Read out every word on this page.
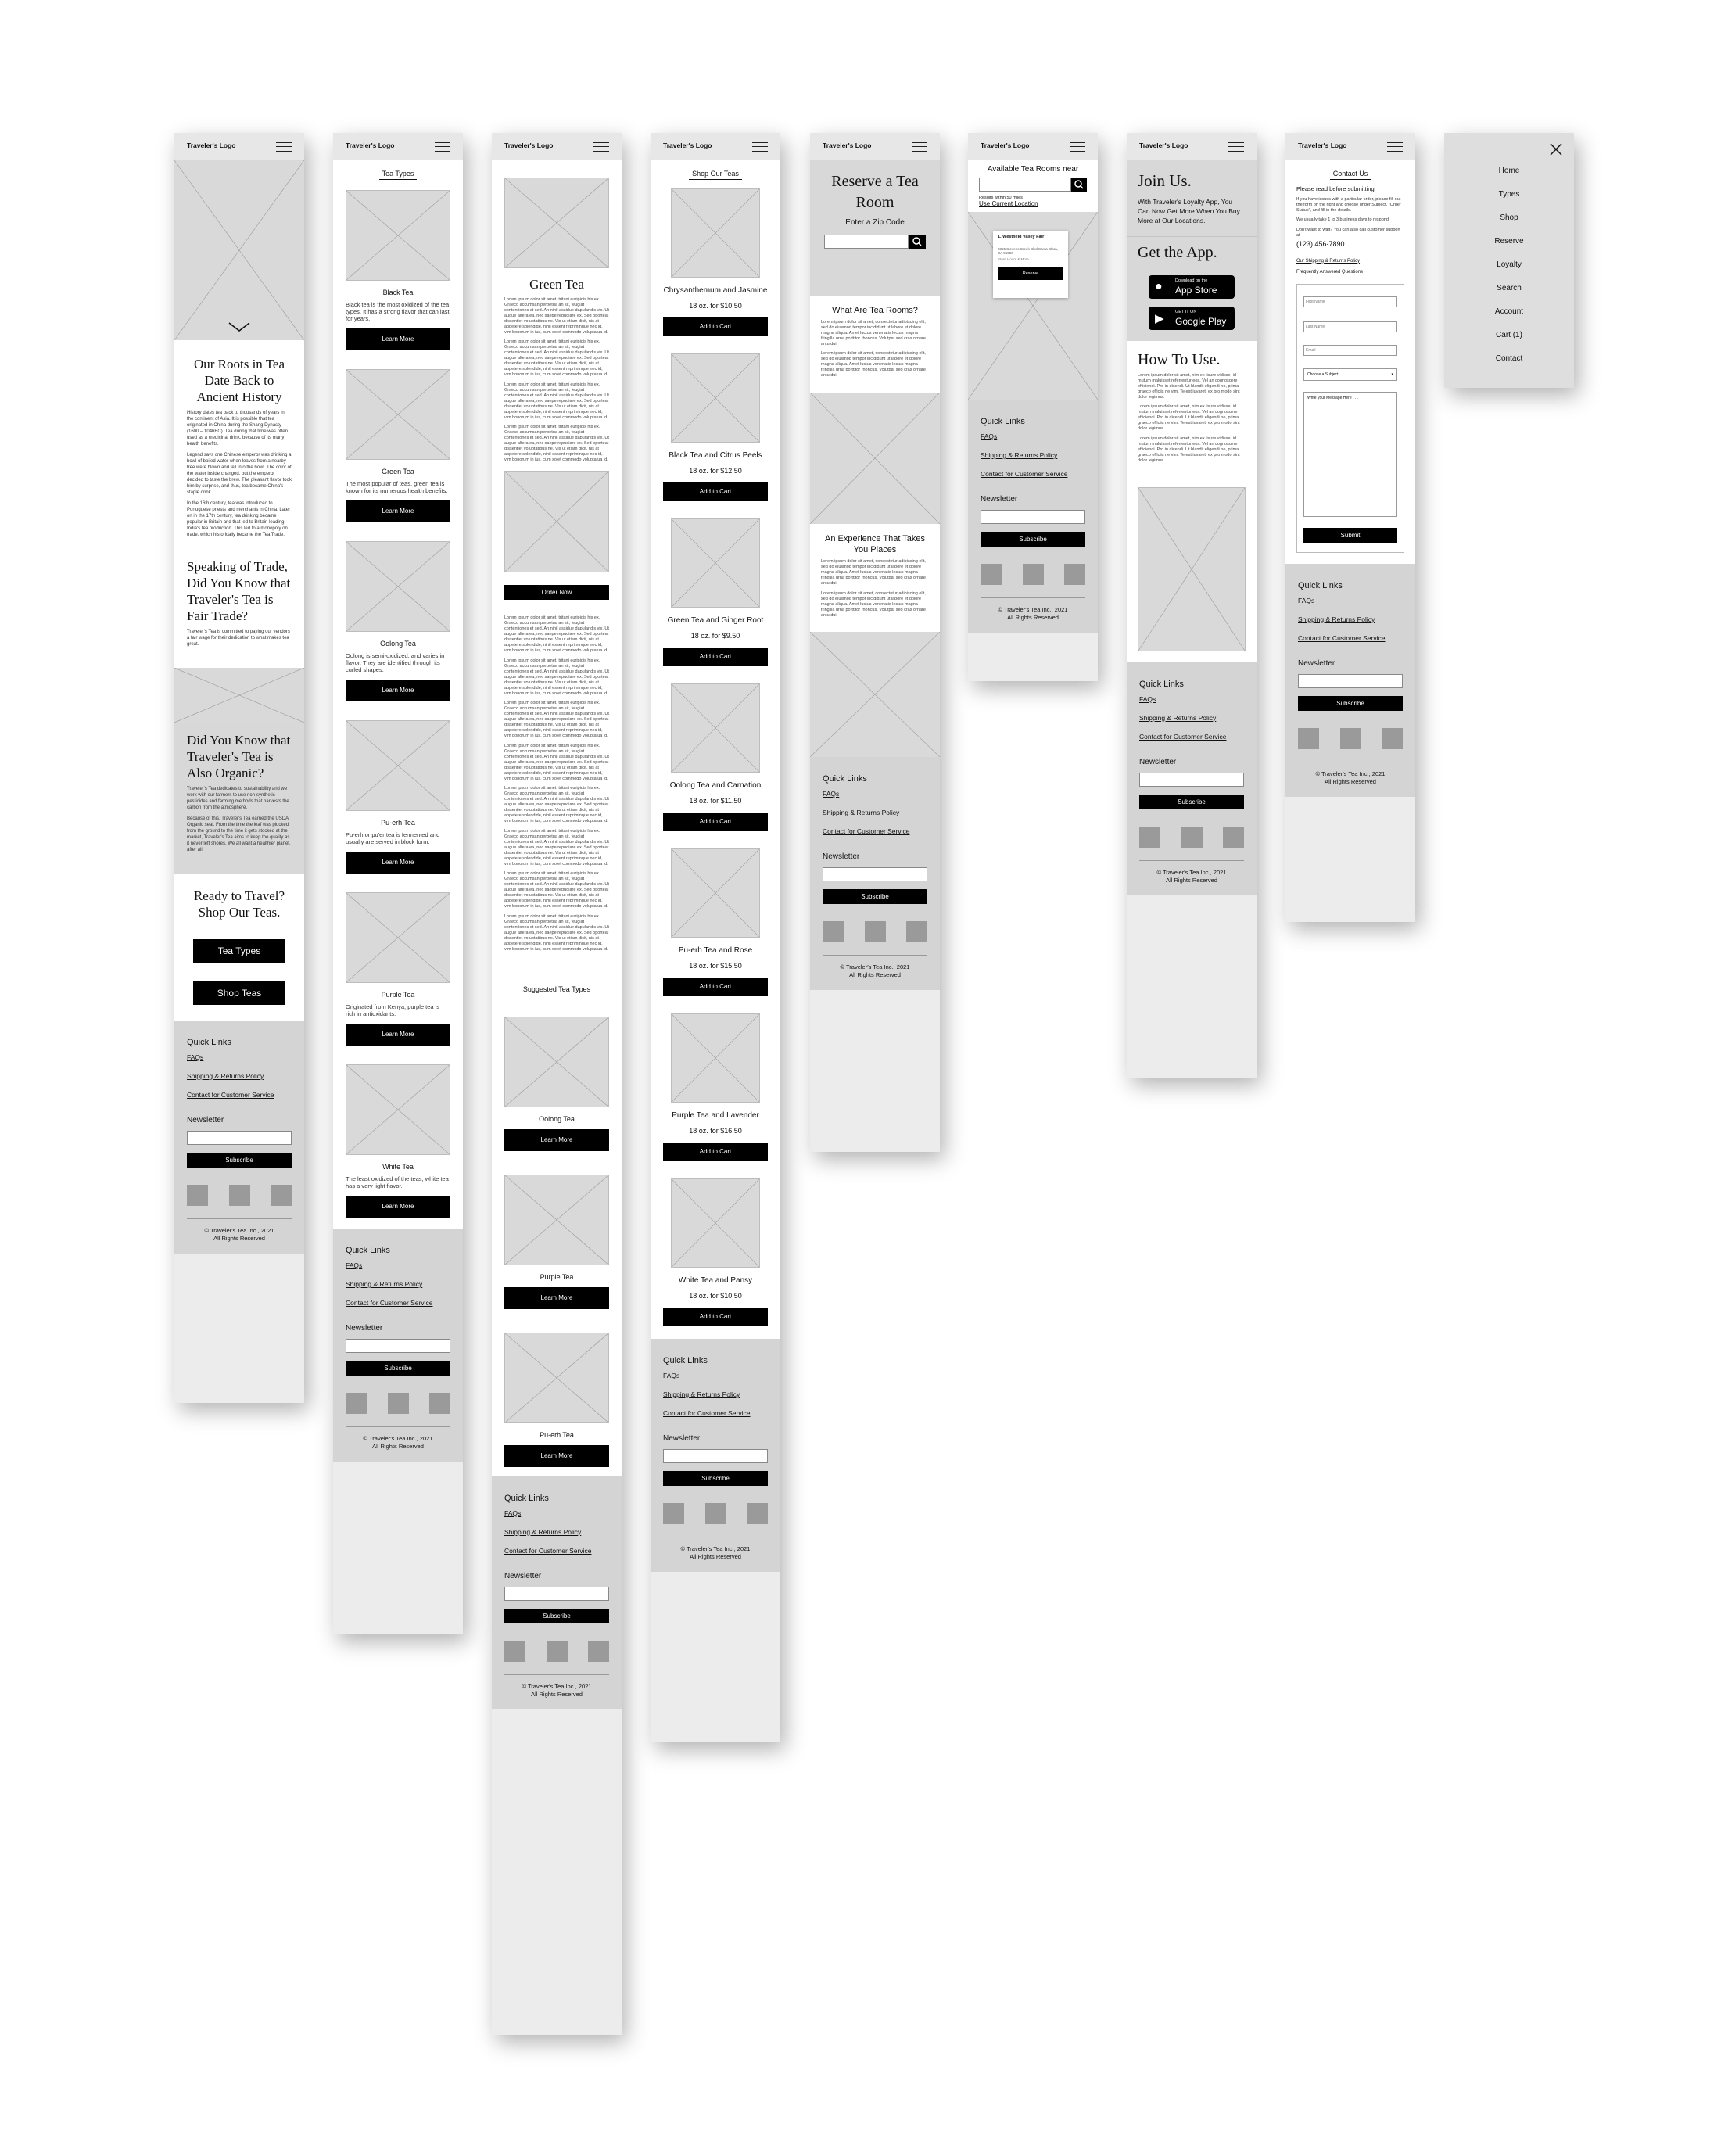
Traveler's Logo
Our Roots in Tea Date Back to Ancient History

History dates tea back to thousands of years in the continent of Asia. It is possible that tea originated in China during the Shang Dynasty (1600 – 1046BC). Tea during that time was often used as a medicinal drink, because of its many health benefits.

Legend says one Chinese emperor was drinking a bowl of boiled water when leaves from a nearby tree were blown and fell into the bowl. The color of the water inside changed, but the emperor decided to taste the brew. The pleasant flavor took him by surprise, and thus, tea became China's staple drink.

In the 16th century, tea was introduced to Portuguese priests and merchants in China. Later on in the 17th century, tea drinking became popular in Britain and that led to Britain leading India's tea production. This led to a monopoly on trade, which historically became the Tea Trade.

Speaking of Trade, Did You Know that Traveler's Tea is Fair Trade?

Traveler's Tea is committed to paying our vendors a fair wage for their dedication to what makes tea great.

Did You Know that Traveler's Tea is Also Organic?

Traveler's Tea dedicates to sustainability and we work with our farmers to use non-synthetic pesticides and farming methods that harvests the carbon from the atmosphere.

Because of this, Traveler's Tea earned the USDA Organic seal. From the time the leaf was plucked from the ground to the time it gets stocked at the market, Traveler's Tea aims to keep the quality as it never left shores. We all want a healthier planet, after all.

Ready to Travel? Shop Our Teas.
Tea Types
Shop Teas
Quick Links
FAQs
Shipping & Returns Policy
Contact for Customer Service
Newsletter
Subscribe
© Traveler's Tea Inc., 2021
All Rights Reserved
Traveler's Logo
Tea Types
Black Tea
Black tea is the most oxidized of the tea types. It has a strong flavor that can last for years.
Learn More
Green Tea
The most popular of teas, green tea is known for its numerous health benefits.
Learn More
Oolong Tea
Oolong is semi-oxidized, and varies in flavor. They are identified through its curled shapes.
Learn More
Pu-erh Tea
Pu-erh or pu'er tea is fermented and usually are served in block form.
Learn More
Purple Tea
Originated from Kenya, purple tea is rich in antioxidants.
Learn More
White Tea
The least oxidized of the teas, white tea has a very light flavor.
Learn More
Quick Links
FAQs
Shipping & Returns Policy
Contact for Customer Service
Newsletter
Subscribe
© Traveler's Tea Inc., 2021
All Rights Reserved
Traveler's Logo
Green Tea

Lorem ipsum dolor sit amet, tritani euripidis his ex. Graeco accumsan perpetua an sit, feugiat contentiones et sed. An nihil assidue dapulandis vix. Ut augue altera ea, nec saepe repudiare ex. Sed oporteat dissentiet voluptatibus ne. Vis ut etiam dicit, nis at appetere splendide, nihil essent repriminque nec id, vim bonorum in ius, cum solet commodo voluptatua id.

Lorem ipsum dolor sit amet, tritani euripidis his ex. Graeco accumsan perpetua an sit, feugiat contentiones et sed. An nihil assidue dapulandis vix. Ut augue altera ea, nec saepe repudiare ex. Sed oporteat dissentiet voluptatibus ne. Vis ut etiam dicit, nis at appetere splendide, nihil essent repriminque nec id, vim bonorum in ius, cum solet commodo voluptatua id.

Lorem ipsum dolor sit amet, tritani euripidis his ex. Graeco accumsan perpetua an sit, feugiat contentiones et sed. An nihil assidue dapulandis vix. Ut augue altera ea, nec saepe repudiare ex. Sed oporteat dissentiet voluptatibus ne. Vis ut etiam dicit, nis at appetere splendide, nihil essent repriminque nec id, vim bonorum in ius, cum solet commodo voluptatua id.

Lorem ipsum dolor sit amet, tritani euripidis his ex. Graeco accumsan perpetua an sit, feugiat contentiones et sed. An nihil assidue dapulandis vix. Ut augue altera ea, nec saepe repudiare ex. Sed oporteat dissentiet voluptatibus ne. Vis ut etiam dicit, nis at appetere splendide, nihil essent repriminque nec id, vim bonorum in ius, cum solet commodo voluptatua id.

Order Now

Lorem ipsum dolor sit amet, tritani euripidis his ex. Graeco accumsan perpetua an sit, feugiat contentiones et sed. An nihil assidue dapulandis vix. Ut augue altera ea, nec saepe repudiare ex. Sed oporteat dissentiet voluptatibus ne. Vis ut etiam dicit, nis at appetere splendide, nihil essent repriminque nec id, vim bonorum in ius, cum solet commodo voluptatua id.

Lorem ipsum dolor sit amet, tritani euripidis his ex. Graeco accumsan perpetua an sit, feugiat contentiones et sed. An nihil assidue dapulandis vix. Ut augue altera ea, nec saepe repudiare ex. Sed oporteat dissentiet voluptatibus ne. Vis ut etiam dicit, nis at appetere splendide, nihil essent repriminque nec id, vim bonorum in ius, cum solet commodo voluptatua id.

Lorem ipsum dolor sit amet, tritani euripidis his ex. Graeco accumsan perpetua an sit, feugiat contentiones et sed. An nihil assidue dapulandis vix. Ut augue altera ea, nec saepe repudiare ex. Sed oporteat dissentiet voluptatibus ne. Vis ut etiam dicit, nis at appetere splendide, nihil essent repriminque nec id, vim bonorum in ius, cum solet commodo voluptatua id.

Lorem ipsum dolor sit amet, tritani euripidis his ex. Graeco accumsan perpetua an sit, feugiat contentiones et sed. An nihil assidue dapulandis vix. Ut augue altera ea, nec saepe repudiare ex. Sed oporteat dissentiet voluptatibus ne. Vis ut etiam dicit, nis at appetere splendide, nihil essent repriminque nec id, vim bonorum in ius, cum solet commodo voluptatua id.

Lorem ipsum dolor sit amet, tritani euripidis his ex. Graeco accumsan perpetua an sit, feugiat contentiones et sed. An nihil assidue dapulandis vix. Ut augue altera ea, nec saepe repudiare ex. Sed oporteat dissentiet voluptatibus ne. Vis ut etiam dicit, nis at appetere splendide, nihil essent repriminque nec id, vim bonorum in ius, cum solet commodo voluptatua id.

Lorem ipsum dolor sit amet, tritani euripidis his ex. Graeco accumsan perpetua an sit, feugiat contentiones et sed. An nihil assidue dapulandis vix. Ut augue altera ea, nec saepe repudiare ex. Sed oporteat dissentiet voluptatibus ne. Vis ut etiam dicit, nis at appetere splendide, nihil essent repriminque nec id, vim bonorum in ius, cum solet commodo voluptatua id.

Lorem ipsum dolor sit amet, tritani euripidis his ex. Graeco accumsan perpetua an sit, feugiat contentiones et sed. An nihil assidue dapulandis vix. Ut augue altera ea, nec saepe repudiare ex. Sed oporteat dissentiet voluptatibus ne. Vis ut etiam dicit, nis at appetere splendide, nihil essent repriminque nec id, vim bonorum in ius, cum solet commodo voluptatua id.

Lorem ipsum dolor sit amet, tritani euripidis his ex. Graeco accumsan perpetua an sit, feugiat contentiones et sed. An nihil assidue dapulandis vix. Ut augue altera ea, nec saepe repudiare ex. Sed oporteat dissentiet voluptatibus ne. Vis ut etiam dicit, nis at appetere splendide, nihil essent repriminque nec id, vim bonorum in ius, cum solet commodo voluptatua id.

Suggested Tea Types
Oolong Tea
Learn More
Purple Tea
Learn More
Pu-erh Tea
Learn More
Quick Links
FAQs
Shipping & Returns Policy
Contact for Customer Service
Newsletter
Subscribe
© Traveler's Tea Inc., 2021
All Rights Reserved
Traveler's Logo
Shop Our Teas
Chrysanthemum and Jasmine
18 oz. for $10.50
Add to Cart
Black Tea and Citrus Peels
18 oz. for $12.50
Add to Cart
Green Tea and Ginger Root
18 oz. for $9.50
Add to Cart
Oolong Tea and Carnation
18 oz. for $11.50
Add to Cart
Pu-erh Tea and Rose
18 oz. for $15.50
Add to Cart
Purple Tea and Lavender
18 oz. for $16.50
Add to Cart
White Tea and Pansy
18 oz. for $10.50
Add to Cart
Quick Links
FAQs
Shipping & Returns Policy
Contact for Customer Service
Newsletter
Subscribe
© Traveler's Tea Inc., 2021
All Rights Reserved
Traveler's Logo
Reserve a Tea Room
Enter a Zip Code
What Are Tea Rooms?

Lorem ipsum dolor sit amet, consectetur adipiscing elit, sed do eiusmod tempor incididunt ut labore et dolore magna aliqua. Amet luctus venenatis lectus magna fringilla urna porttitor rhoncus. Volutpat sed cras ornare arcu dui.

Lorem ipsum dolor sit amet, consectetur adipiscing elit, sed do eiusmod tempor incididunt ut labore et dolore magna aliqua. Amet luctus venenatis lectus magna fringilla urna porttitor rhoncus. Volutpat sed cras ornare arcu dui.

An Experience That Takes You Places

Lorem ipsum dolor sit amet, consectetur adipiscing elit, sed do eiusmod tempor incididunt ut labore et dolore magna aliqua. Amet luctus venenatis lectus magna fringilla urna porttitor rhoncus. Volutpat sed cras ornare arcu dui.

Lorem ipsum dolor sit amet, consectetur adipiscing elit, sed do eiusmod tempor incididunt ut labore et dolore magna aliqua. Amet luctus venenatis lectus magna fringilla urna porttitor rhoncus. Volutpat sed cras ornare arcu dui.

Quick Links
FAQs
Shipping & Returns Policy
Contact for Customer Service
Newsletter
Subscribe
© Traveler's Tea Inc., 2021
All Rights Reserved
Traveler's Logo
Available Tea Rooms near
Results within 50 miles
Use Current Location
1. Westfield Valley Fair
2855 Stevens Creek Blvd Santa Clara, CA 95050
Store Hours & More
Reserve
Quick Links
FAQs
Shipping & Returns Policy
Contact for Customer Service
Newsletter
Subscribe
© Traveler's Tea Inc., 2021
All Rights Reserved
Traveler's Logo
Join Us.
With Traveler's Loyalty App, You Can Now Get More When You Buy More at Our Locations.
Get the App.
●	Download on the
App Store
▶	GET IT ON
Google Play
How To Use.

Lorem ipsum dolor sit amet, nim ex iisure vidisse, id mutum maluisset referrentur eos. Vel an cognoscere efficiendi. Pro in dicendi. Ut blandit eligendi no, prima graeco officiis ne vim. Te est iuvaret, ex pro modo sint dolor legimus.

Lorem ipsum dolor sit amet, nim ex iisure vidisse, id mutum maluisset referrentur eos. Vel an cognoscere efficiendi. Pro in dicendi. Ut blandit eligendi no, prima graeco officiis ne vim. Te est iuvaret, ex pro modo sint dolor legimus.

Lorem ipsum dolor sit amet, nim ex iisure vidisse, id mutum maluisset referrentur eos. Vel an cognoscere efficiendi. Pro in dicendi. Ut blandit eligendi no, prima graeco officiis ne vim. Te est iuvaret, ex pro modo sint dolor legimus.

Quick Links
FAQs
Shipping & Returns Policy
Contact for Customer Service
Newsletter
Subscribe
© Traveler's Tea Inc., 2021
All Rights Reserved
Traveler's Logo
Contact Us
Please read before submitting:

If you have issues with a particular order, please fill out the form on the right and choose under Subject, "Order Status", and fill in the details.

We usually take 1 to 3 business days to respond.

Don't want to wait? You can also call customer support at

(123) 456-7890
Our Shipping & Returns Policy
Frequently Answered Questions
First Name Last Name Email
Choose a Subject	▾
Write your Message Here . . .
Submit
Quick Links
FAQs
Shipping & Returns Policy
Contact for Customer Service
Newsletter
Subscribe
© Traveler's Tea Inc., 2021
All Rights Reserved
Home
Types
Shop
Reserve
Loyalty
Search
Account
Cart (1)
Contact
